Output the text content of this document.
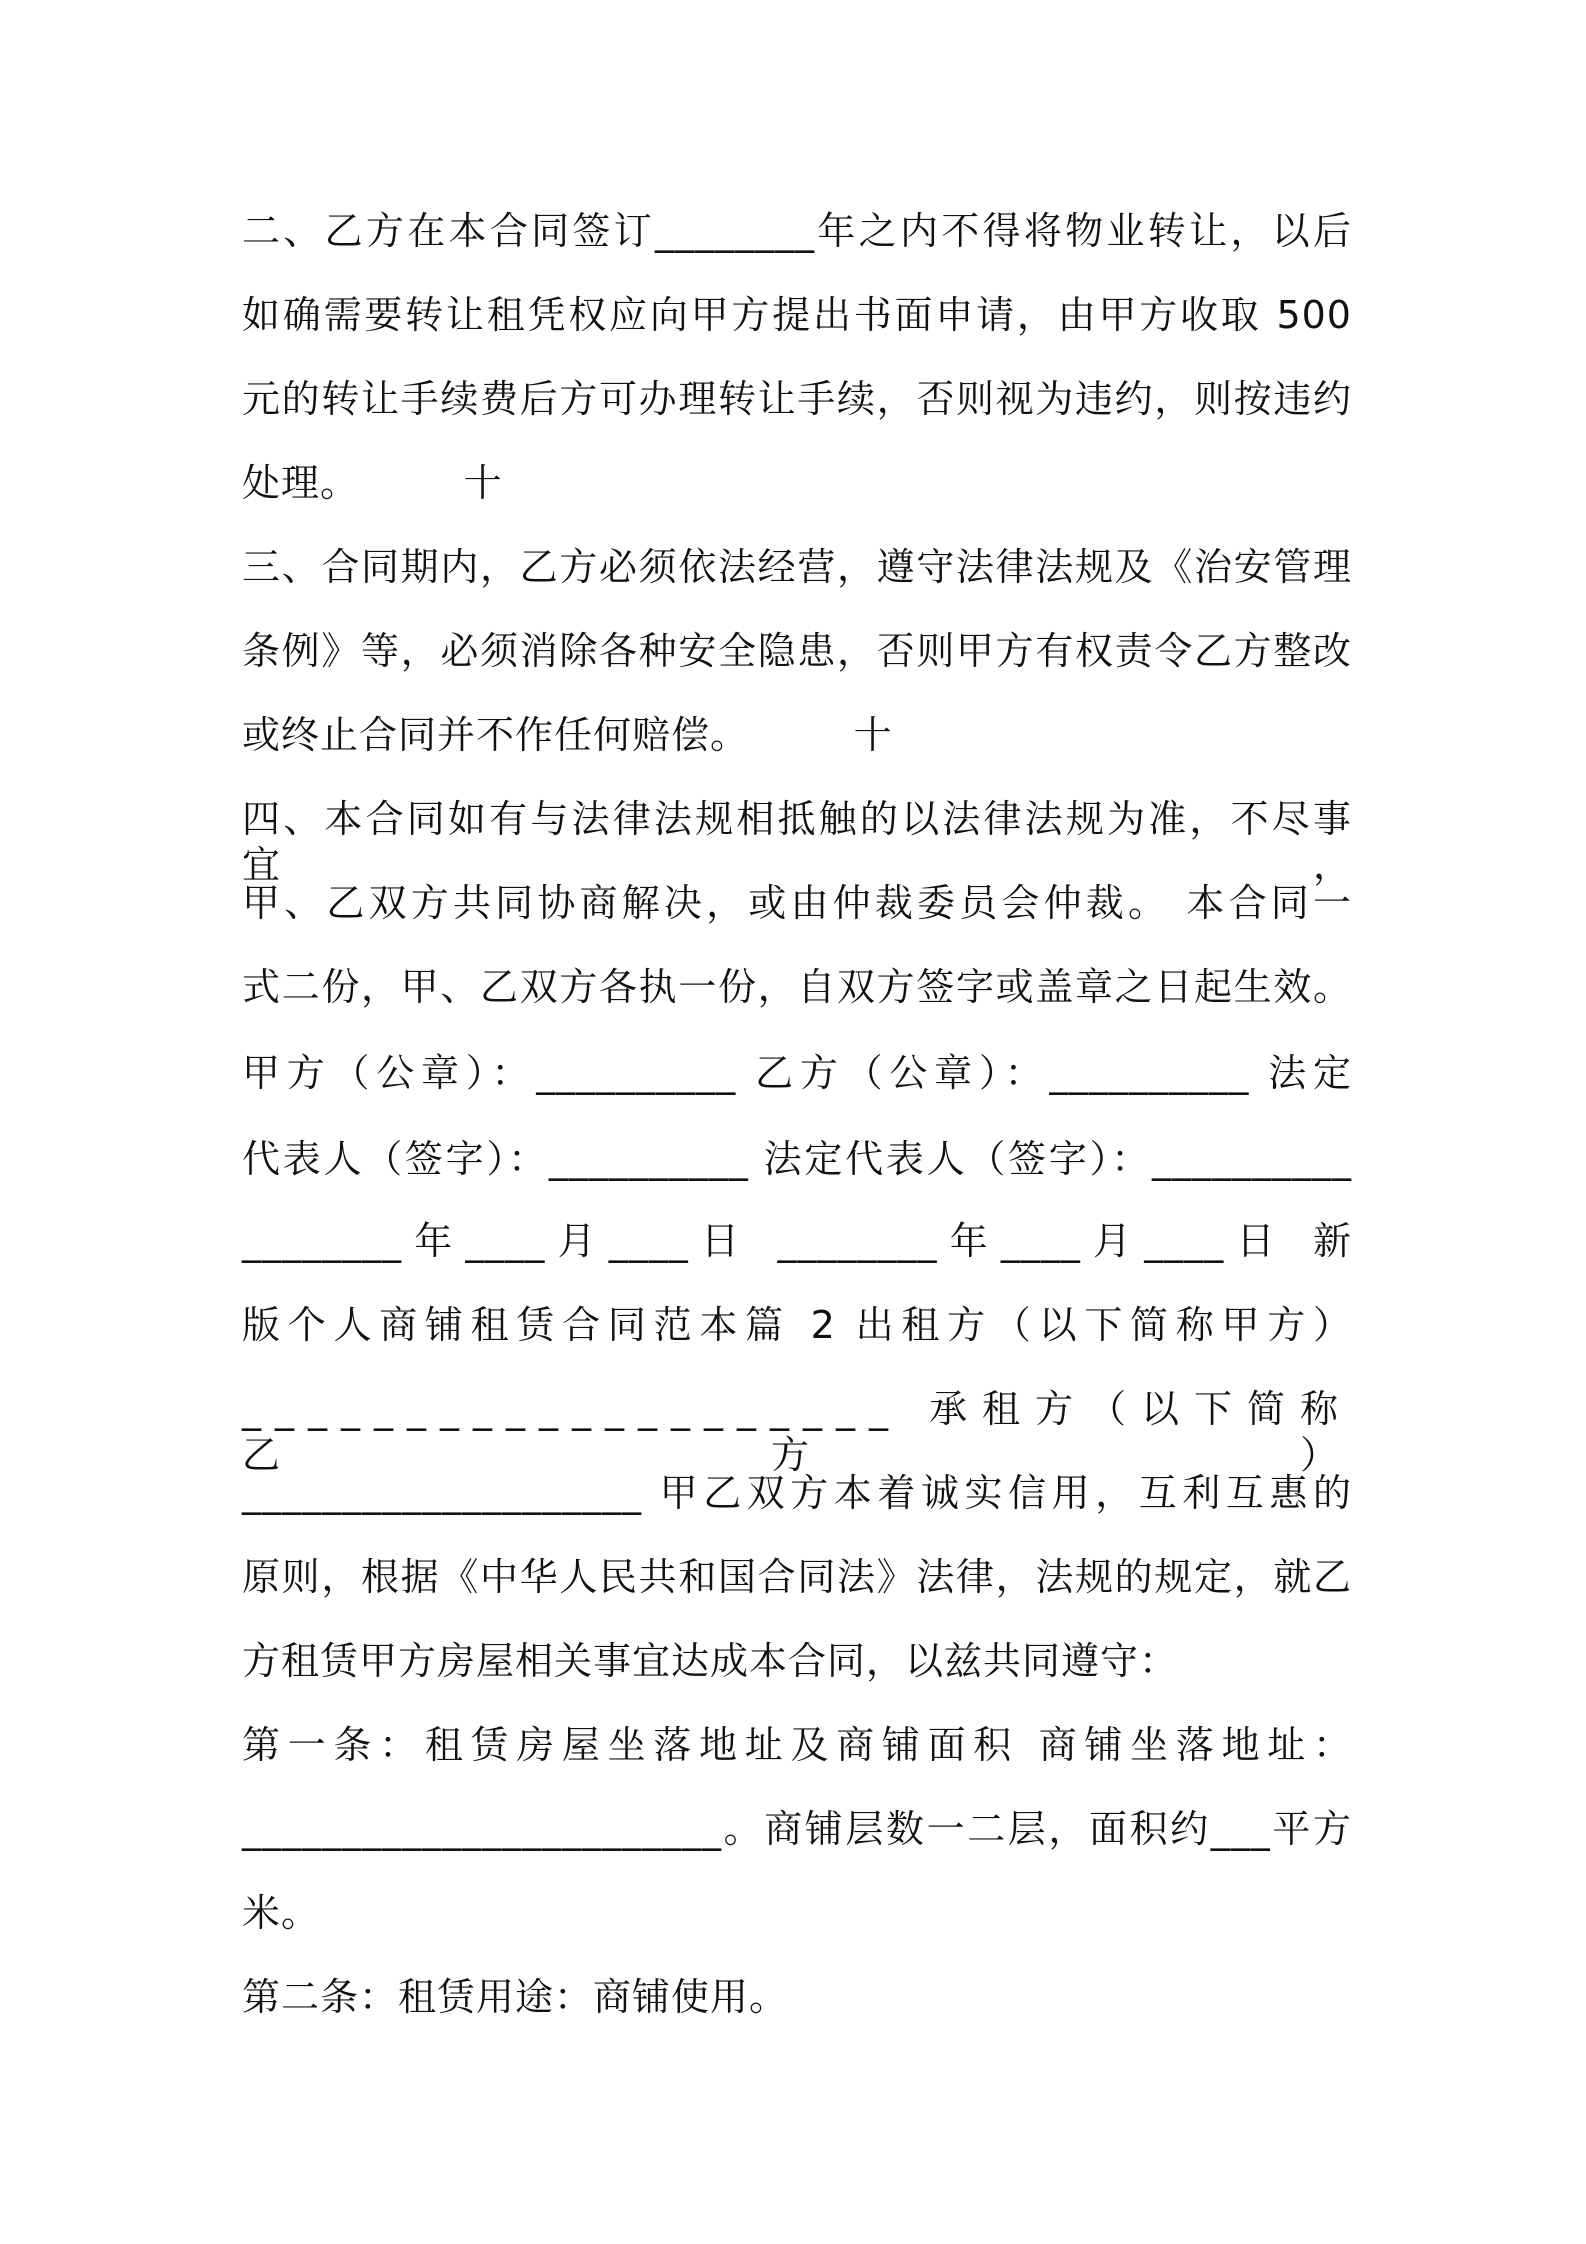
二、乙方在本合同签订________年之内不得将物业转让，以后
如确需要转让租凭权应向甲方提出书面申请，由甲方收取 500
元的转让手续费后方可办理转让手续，否则视为违约，则按违约
处理。        十
三、合同期内，乙方必须依法经营，遵守法律法规及《治安管理
条例》等，必须消除各种安全隐患，否则甲方有权责令乙方整改
或终止合同并不作任何赔偿。        十
四、本合同如有与法律法规相抵触的以法律法规为准，不尽事宜，
甲、乙双方共同协商解决，或由仲裁委员会仲裁。 本合同一
式二份，甲、乙双方各执一份，自双方签字或盖章之日起生效。
甲方（公章）：__________ 乙方（公章）：__________ 法定
代表人（签字）：__________ 法定代表人（签字）：__________
________年____月____日 ________年____月____日 新
版个人商铺租赁合同范本篇 2 出租方（以下简称甲方）
____________________ 承租方（以下简称乙方）
____________________ 甲乙双方本着诚实信用，互利互惠的
原则，根据《中华人民共和国合同法》法律，法规的规定，就乙
方租赁甲方房屋相关事宜达成本合同，以兹共同遵守：
第一条：租赁房屋坐落地址及商铺面积 商铺坐落地址：
________________________。商铺层数一二层，面积约___平方
米。
第二条：租赁用途：商铺使用。
